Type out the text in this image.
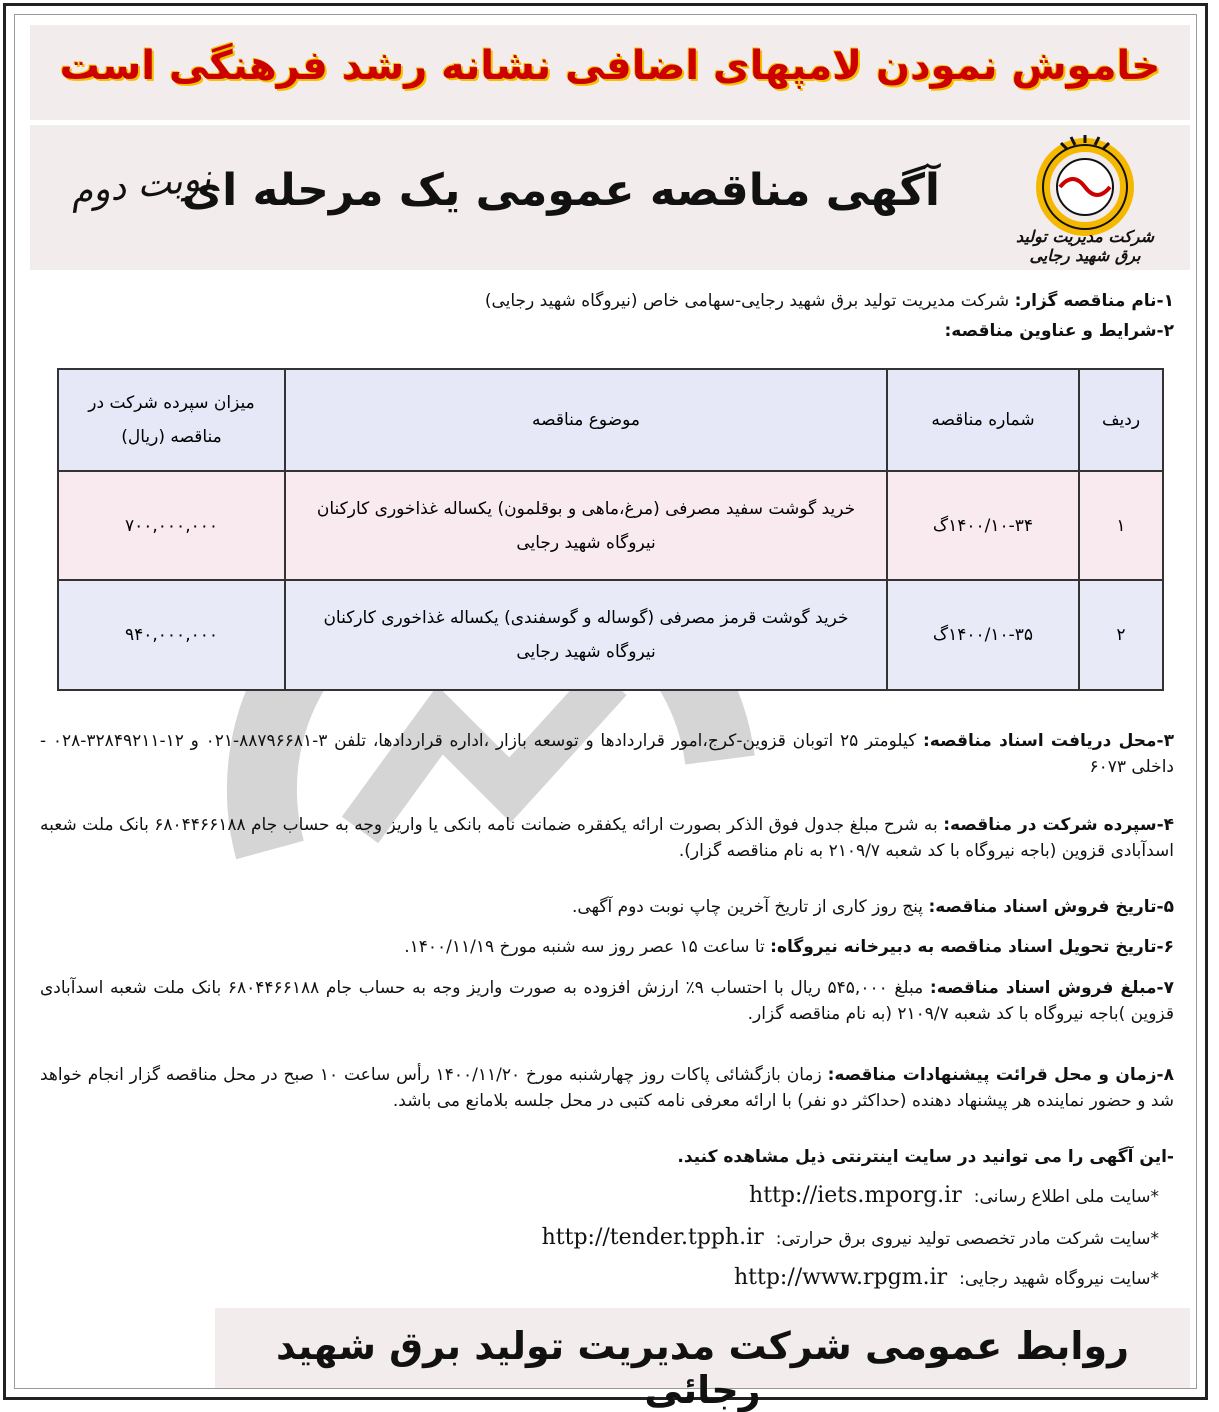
خاموش نمودن لامپهای اضافی نشانه رشد فرهنگی است
شرکت مدیریت تولید برق شهید رجایی
آگهی مناقصه عمومی یک مرحله ای
نوبت دوم
۱-نام مناقصه گزار: شرکت مدیریت تولید برق شهید رجایی-سهامی خاص (نیروگاه شهید رجایی)
۲-شرایط و عناوین مناقصه:
ردیف	شماره مناقصه	موضوع مناقصه	میزان سپرده شرکت در مناقصه (ریال)
۱	۱۴۰۰/۱۰-۳۴گ	خرید گوشت سفید مصرفی (مرغ،ماهی و بوقلمون) یکساله غذاخوری کارکنان نیروگاه شهید رجایی	۷۰۰,۰۰۰,۰۰۰
۲	۱۴۰۰/۱۰-۳۵گ	خرید گوشت قرمز مصرفی (گوساله و گوسفندی) یکساله غذاخوری کارکنان نیروگاه شهید رجایی	۹۴۰,۰۰۰,۰۰۰
۳-محل دریافت اسناد مناقصه: کیلومتر ۲۵ اتوبان قزوین-کرج،امور قراردادها و توسعه بازار ،اداره قراردادها، تلفن ۳-۸۸۷۹۶۶۸۱-۰۲۱ و ۱۲-۳۲۸۴۹۲۱۱-۰۲۸ - داخلی ۶۰۷۳
۴-سپرده شرکت در مناقصه: به شرح مبلغ جدول فوق الذکر بصورت ارائه یکفقره ضمانت نامه بانکی یا واریز وجه به حساب جام ۶۸۰۴۴۶۶۱۸۸ بانک ملت شعبه اسدآبادی قزوین (باجه نیروگاه با کد شعبه ۲۱۰۹/۷ به نام مناقصه گزار).
۵-تاریخ فروش اسناد مناقصه: پنج روز کاری از تاریخ آخرین چاپ نوبت دوم آگهی.
۶-تاریخ تحویل اسناد مناقصه به دبیرخانه نیروگاه: تا ساعت ۱۵ عصر روز سه شنبه مورخ ۱۴۰۰/۱۱/۱۹.
۷-مبلغ فروش اسناد مناقصه: مبلغ ۵۴۵,۰۰۰ ریال با احتساب ۹٪ ارزش افزوده به صورت واریز وجه به حساب جام ۶۸۰۴۴۶۶۱۸۸ بانک ملت شعبه اسدآبادی قزوین )باجه نیروگاه با کد شعبه ۲۱۰۹/۷ (به نام مناقصه گزار.
۸-زمان و محل قرائت پیشنهادات مناقصه: زمان بازگشائی پاکات روز چهارشنبه مورخ ۱۴۰۰/۱۱/۲۰ رأس ساعت ۱۰ صبح در محل مناقصه گزار انجام خواهد شد و حضور نماینده هر پیشنهاد دهنده (حداکثر دو نفر) با ارائه معرفی نامه کتبی در محل جلسه بلامانع می باشد.
-این آگهی را می توانید در سایت اینترنتی ذیل مشاهده کنید.
*سایت ملی اطلاع رسانی:http://iets.mporg.ir
*سایت شرکت مادر تخصصی تولید نیروی برق حرارتی:http://tender.tpph.ir
*سایت نیروگاه شهید رجایی:http://www.rpgm.ir
روابط عمومی شرکت مدیریت تولید برق شهید رجائی
